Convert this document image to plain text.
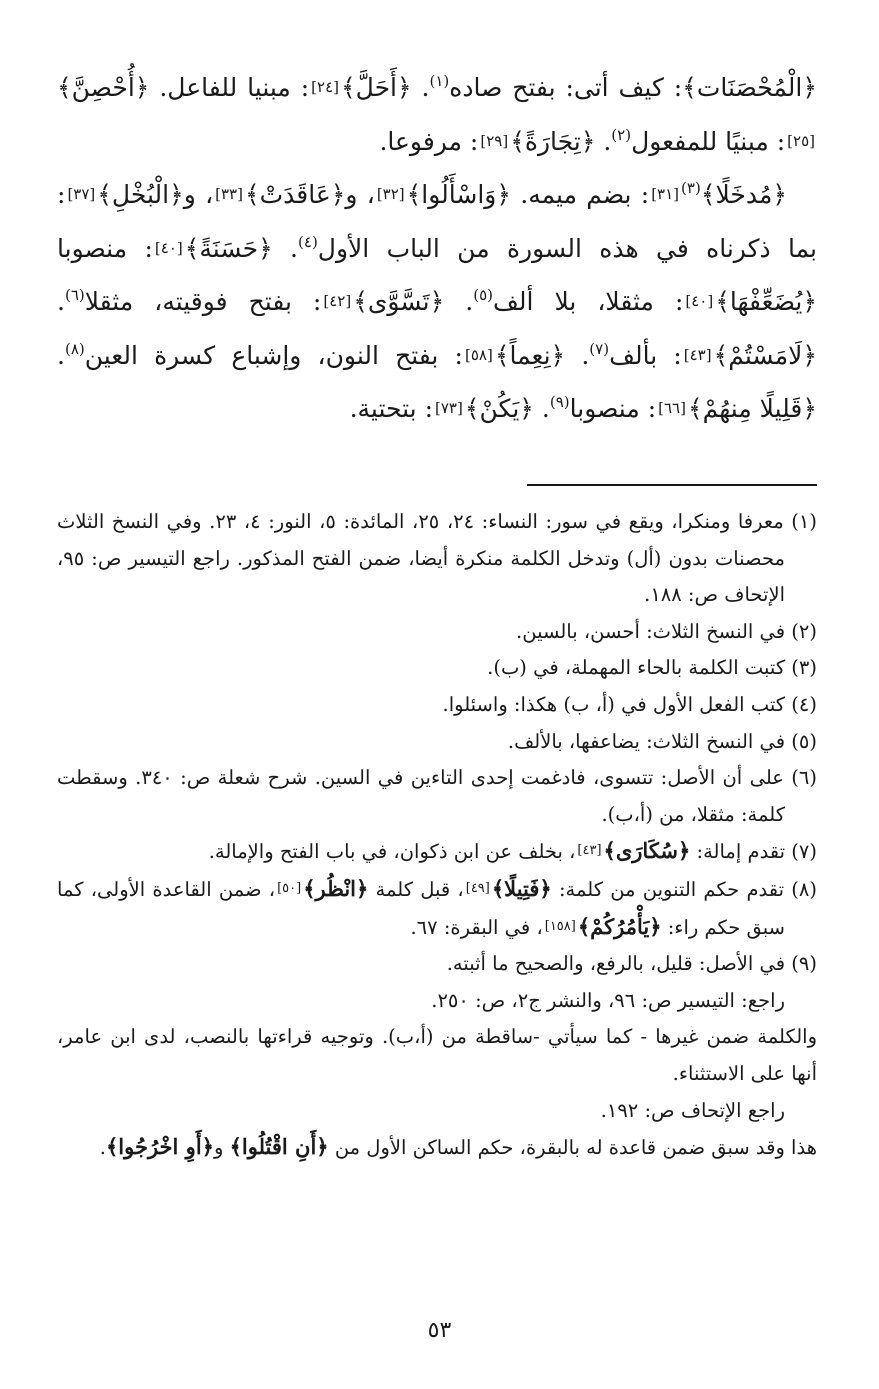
﴿الْمُحْصَنَات﴾: كيف أتى: بفتح صاده$^{(١)}$. ﴿أَحَلَّ﴾[٢٤]: مبنيا للفاعل. ﴿أُحْصِنَّ﴾[٢٥]: مبنيًا للمفعول$^{(٢)}$. ﴿تِجَارَةً﴾[٢٩]: مرفوعا.

﴿مُدخَلًا﴾$^{(٣)}$[٣١]: بضم ميمه. ﴿وَاسْأَلُوا﴾[٣٢]، و﴿عَاقَدَتْ﴾[٣٣]، و﴿الْبُخْلِ﴾[٣٧]: بما ذكرناه في هذه السورة من الباب الأول$^{(٤)}$. ﴿حَسَنَةً﴾[٤٠]: منصوبا ﴿يُضَعِّفْهَا﴾[٤٠]: مثقلا، بلا ألف$^{(٥)}$. ﴿تَسَّوَّى﴾[٤٢]: بفتح فوقيته، مثقلا$^{(٦)}$. ﴿لَامَسْتُمْ﴾[٤٣]: بألف$^{(٧)}$. ﴿نِعِماً﴾[٥٨]: بفتح النون، وإشباع كسرة العين$^{(٨)}$. ﴿قَلِيلًا مِنهُمْ﴾[٦٦]: منصوبا$^{(٩)}$. ﴿يَكُنْ﴾[٧٣]: بتحتية.

(١) معرفا ومنكرا، ويقع في سور: النساء: ٢٤، ٢٥، المائدة: ٥، النور: ٤، ٢٣. وفي النسخ الثلاث محصنات بدون (أل) وتدخل الكلمة منكرة أيضا، ضمن الفتح المذكور. راجع التيسير ص: ٩٥، الإتحاف ص: ١٨٨.

(٢) في النسخ الثلاث: أحسن، بالسين.

(٣) كتبت الكلمة بالحاء المهملة، في (ب).

(٤) كتب الفعل الأول في (أ، ب) هكذا: واسئلوا.

(٥) في النسخ الثلاث: يضاعفها، بالألف.

(٦) على أن الأصل: تتسوى، فادغمت إحدى التاءين في السين. شرح شعلة ص: ٣٤٠. وسقطت كلمة: مثقلا، من (أ،ب).

(٧) تقدم إمالة: ﴿سُكَارَى﴾[٤٣]، بخلف عن ابن ذكوان، في باب الفتح والإمالة.

(٨) تقدم حكم التنوين من كلمة: ﴿فَتِيلًا﴾[٤٩]، قبل كلمة ﴿انْظُر﴾[٥٠]، ضمن القاعدة الأولى، كما سبق حكم راء: ﴿يَأْمُرُكُمْ﴾[١٥٨]، في البقرة: ٦٧.

(٩) في الأصل: قليل، بالرفع، والصحيح ما أثبته.

راجع: التيسير ص: ٩٦، والنشر ج٢، ص: ٢٥٠.

والكلمة ضمن غيرها - كما سيأتي -ساقطة من (أ،ب). وتوجيه قراءتها بالنصب، لدى ابن عامر، أنها على الاستثناء.

راجع الإتحاف ص: ١٩٢.

هذا وقد سبق ضمن قاعدة له بالبقرة، حكم الساكن الأول من ﴿أَنِ اقْتُلُوا﴾ و﴿أَوِ اخْرُجُوا﴾.

٥٣
